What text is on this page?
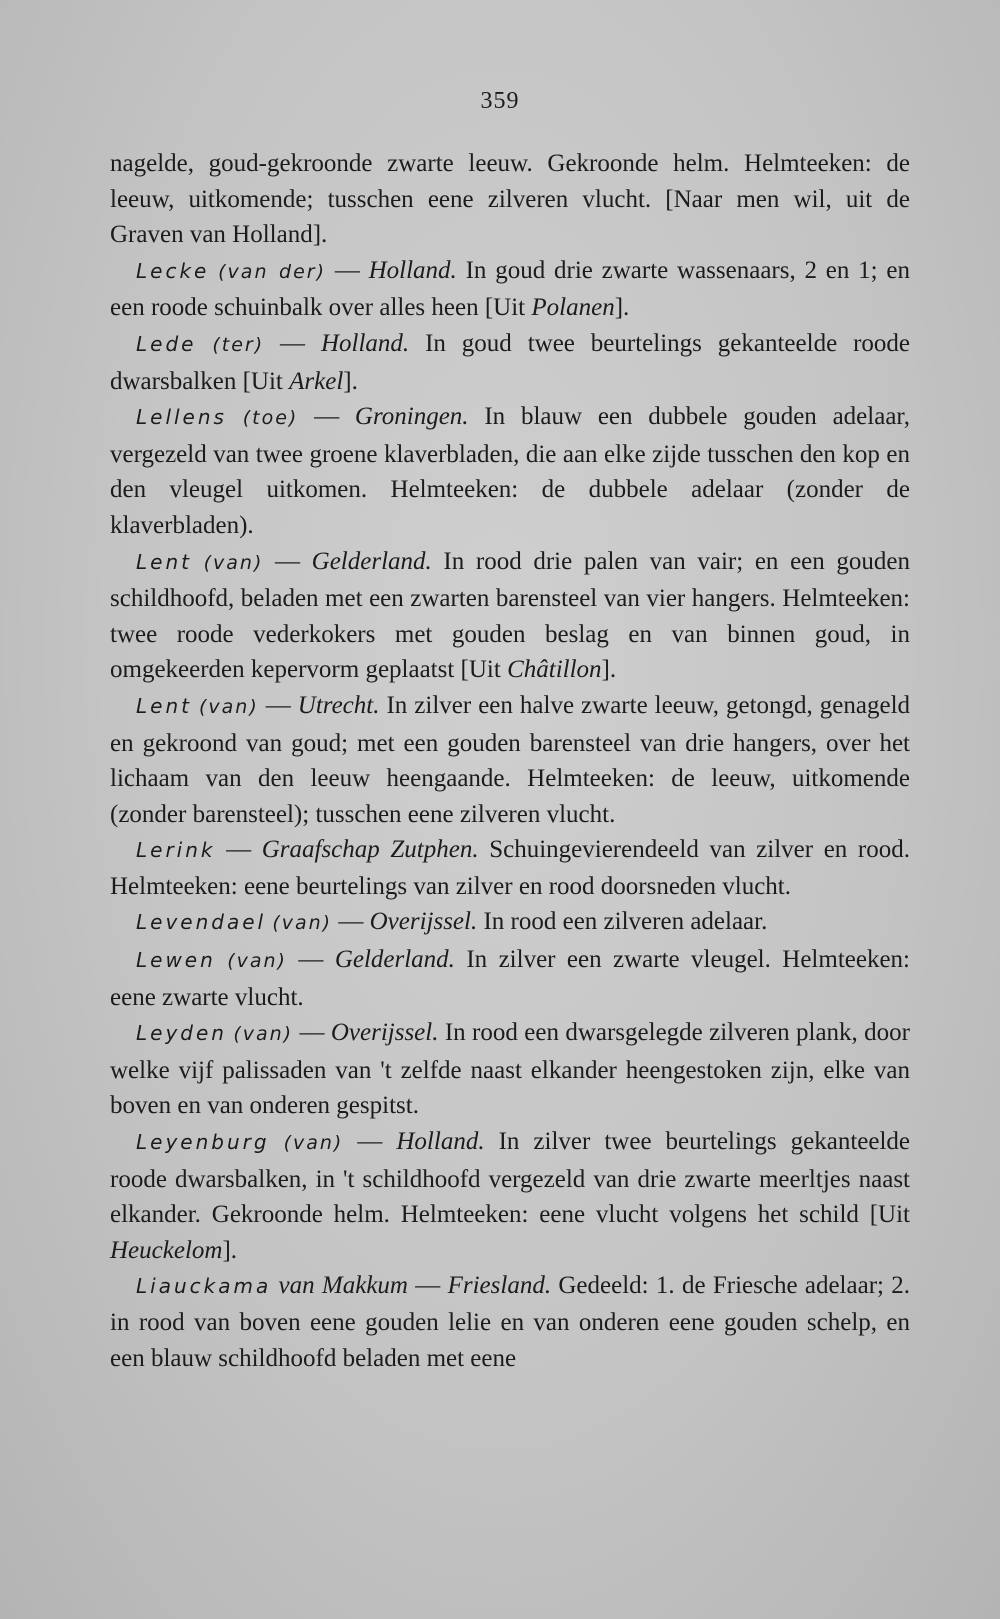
359

nagelde, goud-gekroonde zwarte leeuw. Gekroonde helm. Helmteeken: de leeuw, uitkomende; tusschen eene zilveren vlucht. [Naar men wil, uit de Graven van Holland].

Lecke (van der) — Holland. In goud drie zwarte wassenaars, 2 en 1; en een roode schuinbalk over alles heen [Uit Polanen].

Lede (ter) — Holland. In goud twee beurtelings gekanteelde roode dwarsbalken [Uit Arkel].

Lellens (toe) — Groningen. In blauw een dubbele gouden adelaar, vergezeld van twee groene klaverbladen, die aan elke zijde tusschen den kop en den vleugel uitkomen. Helmteeken: de dubbele adelaar (zonder de klaverbladen).

Lent (van) — Gelderland. In rood drie palen van vair; en een gouden schildhoofd, beladen met een zwarten barensteel van vier hangers. Helmteeken: twee roode vederkokers met gouden beslag en van binnen goud, in omgekeerden kepervorm geplaatst [Uit Châtillon].

Lent (van) — Utrecht. In zilver een halve zwarte leeuw, getongd, genageld en gekroond van goud; met een gouden barensteel van drie hangers, over het lichaam van den leeuw heengaande. Helmteeken: de leeuw, uitkomende (zonder barensteel); tusschen eene zilveren vlucht.

Lerink — Graafschap Zutphen. Schuingevierendeeld van zilver en rood. Helmteeken: eene beurtelings van zilver en rood doorsneden vlucht.

Levendael (van) — Overijssel. In rood een zilveren adelaar.

Lewen (van) — Gelderland. In zilver een zwarte vleugel. Helmteeken: eene zwarte vlucht.

Leyden (van) — Overijssel. In rood een dwarsgelegde zilveren plank, door welke vijf palissaden van 't zelfde naast elkander heengestoken zijn, elke van boven en van onderen gespitst.

Leyenburg (van) — Holland. In zilver twee beurtelings gekanteelde roode dwarsbalken, in 't schildhoofd vergezeld van drie zwarte meerltjes naast elkander. Gekroonde helm. Helmteeken: eene vlucht volgens het schild [Uit Heuckelom].

Liauckama van Makkum — Friesland. Gedeeld: 1. de Friesche adelaar; 2. in rood van boven eene gouden lelie en van onderen eene gouden schelp, en een blauw schildhoofd beladen met eene
